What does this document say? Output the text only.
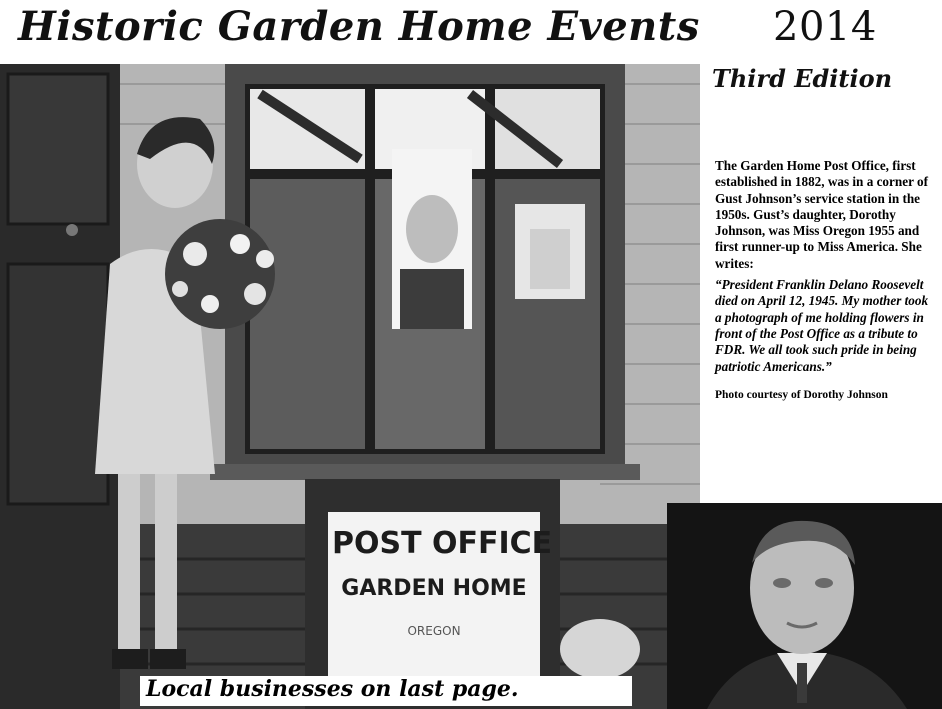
Historic Garden Home Events 2014
Third Edition
POST OFFICE
GARDEN HOME
OREGON
The Garden Home Post Office, first established in 1882, was in a corner of Gust Johnson’s service station in the 1950s. Gust’s daughter, Dorothy Johnson, was Miss Oregon 1955 and first runner-up to Miss America. She writes:
“President Franklin Delano Roosevelt died on April 12, 1945. My mother took a photograph of me holding flowers in front of the Post Office as a tribute to FDR. We all took such pride in being patriotic Americans.”
Photo courtesy of Dorothy Johnson
Local businesses on last page.
